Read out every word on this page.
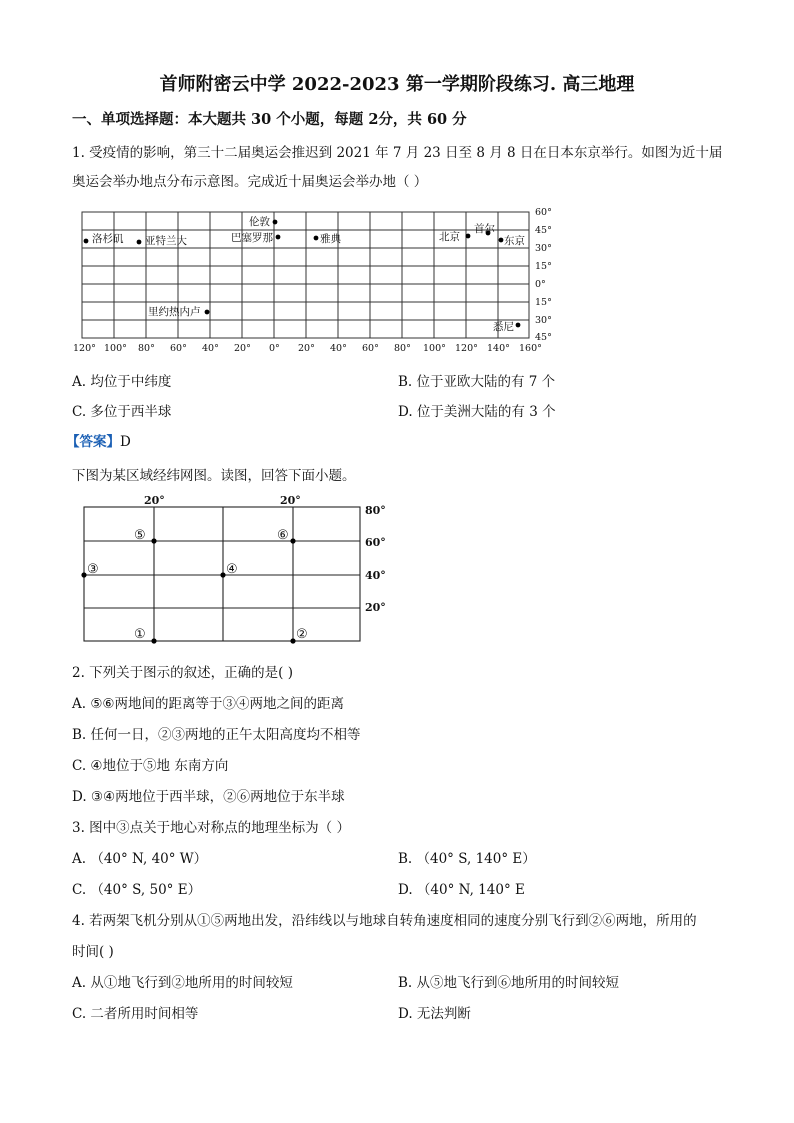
首师附密云中学 2022-2023 第一学期阶段练习. 高三地理
一、单项选择题：本大题共 30 个小题，每题 2分，共 60 分
1. 受疫情的影响，第三十二届奥运会推迟到 2021 年 7 月 23 日至 8 月 8 日在日本东京举行。如图为近十届
奥运会举办地点分布示意图。完成近十届奥运会举办地（ ）
60°
45°
30°
15°
0°
15°
30°
45°
120° 100° 80° 60° 40° 20° 0° 20° 40° 60° 80° 100° 120° 140° 160°
洛杉矶 亚特兰大
伦敦
巴塞罗那	雅典	北京
首尔
东京
里约热内卢
悉尼
A. 均位于中纬度	B. 位于亚欧大陆的有 7 个
C. 多位于西半球	D. 位于美洲大陆的有 3 个
【答案】D
下图为某区域经纬网图。读图，回答下面小题。
20°	20°
80°
60°
40°
20°
⑤	⑥
③	④
①	②
2. 下列关于图示的叙述，正确的是( )
A. ⑤⑥两地间的距离等于③④两地之间的距离
B. 任何一日，②③两地的正午太阳高度均不相等
C. ④地位于⑤地 东南方向
D. ③④两地位于西半球，②⑥两地位于东半球
3. 图中③点关于地心对称点的地理坐标为（ ）
A. （40° N, 40° W）	B. （40° S, 140° E）
C. （40° S, 50° E）	D. （40° N, 140° E
4. 若两架飞机分别从①⑤两地出发，沿纬线以与地球自转角速度相同的速度分别飞行到②⑥两地，所用的
时间( )
A. 从①地飞行到②地所用的时间较短	B. 从⑤地飞行到⑥地所用的时间较短
C. 二者所用时间相等	D. 无法判断
